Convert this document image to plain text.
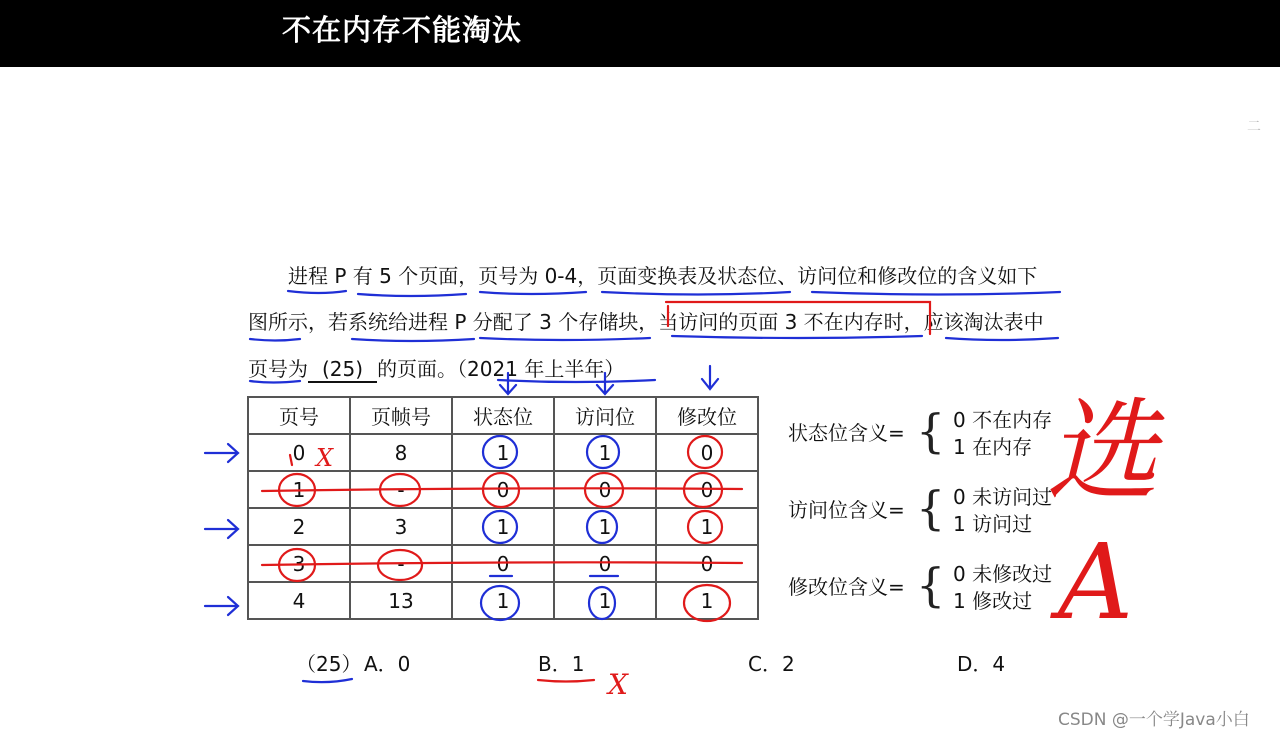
不在内存不能淘汰
二
进程 P 有 5 个页面，页号为 0-4，页面变换表及状态位、访问位和修改位的含义如下
图所示，若系统给进程 P 分配了 3 个存储块，当访问的页面 3 不在内存时，应该淘汰表中
页号为 (25) 的页面。（2021 年上半年）
页号	页帧号	状态位	访问位	修改位
0	8	1	1	0
1	-	0	0	0
2	3	1	1	1
3	-	0	0	0
4	13	1	1	1
状态位含义= { 0 不在内存
1 在内存
访问位含义= { 0 未访问过
1 访问过
修改位含义= { 0 未修改过
1 修改过
（25） A．0	B．1	C．2	D．4
CSDN @一个学Java小白
X
X
选
A
